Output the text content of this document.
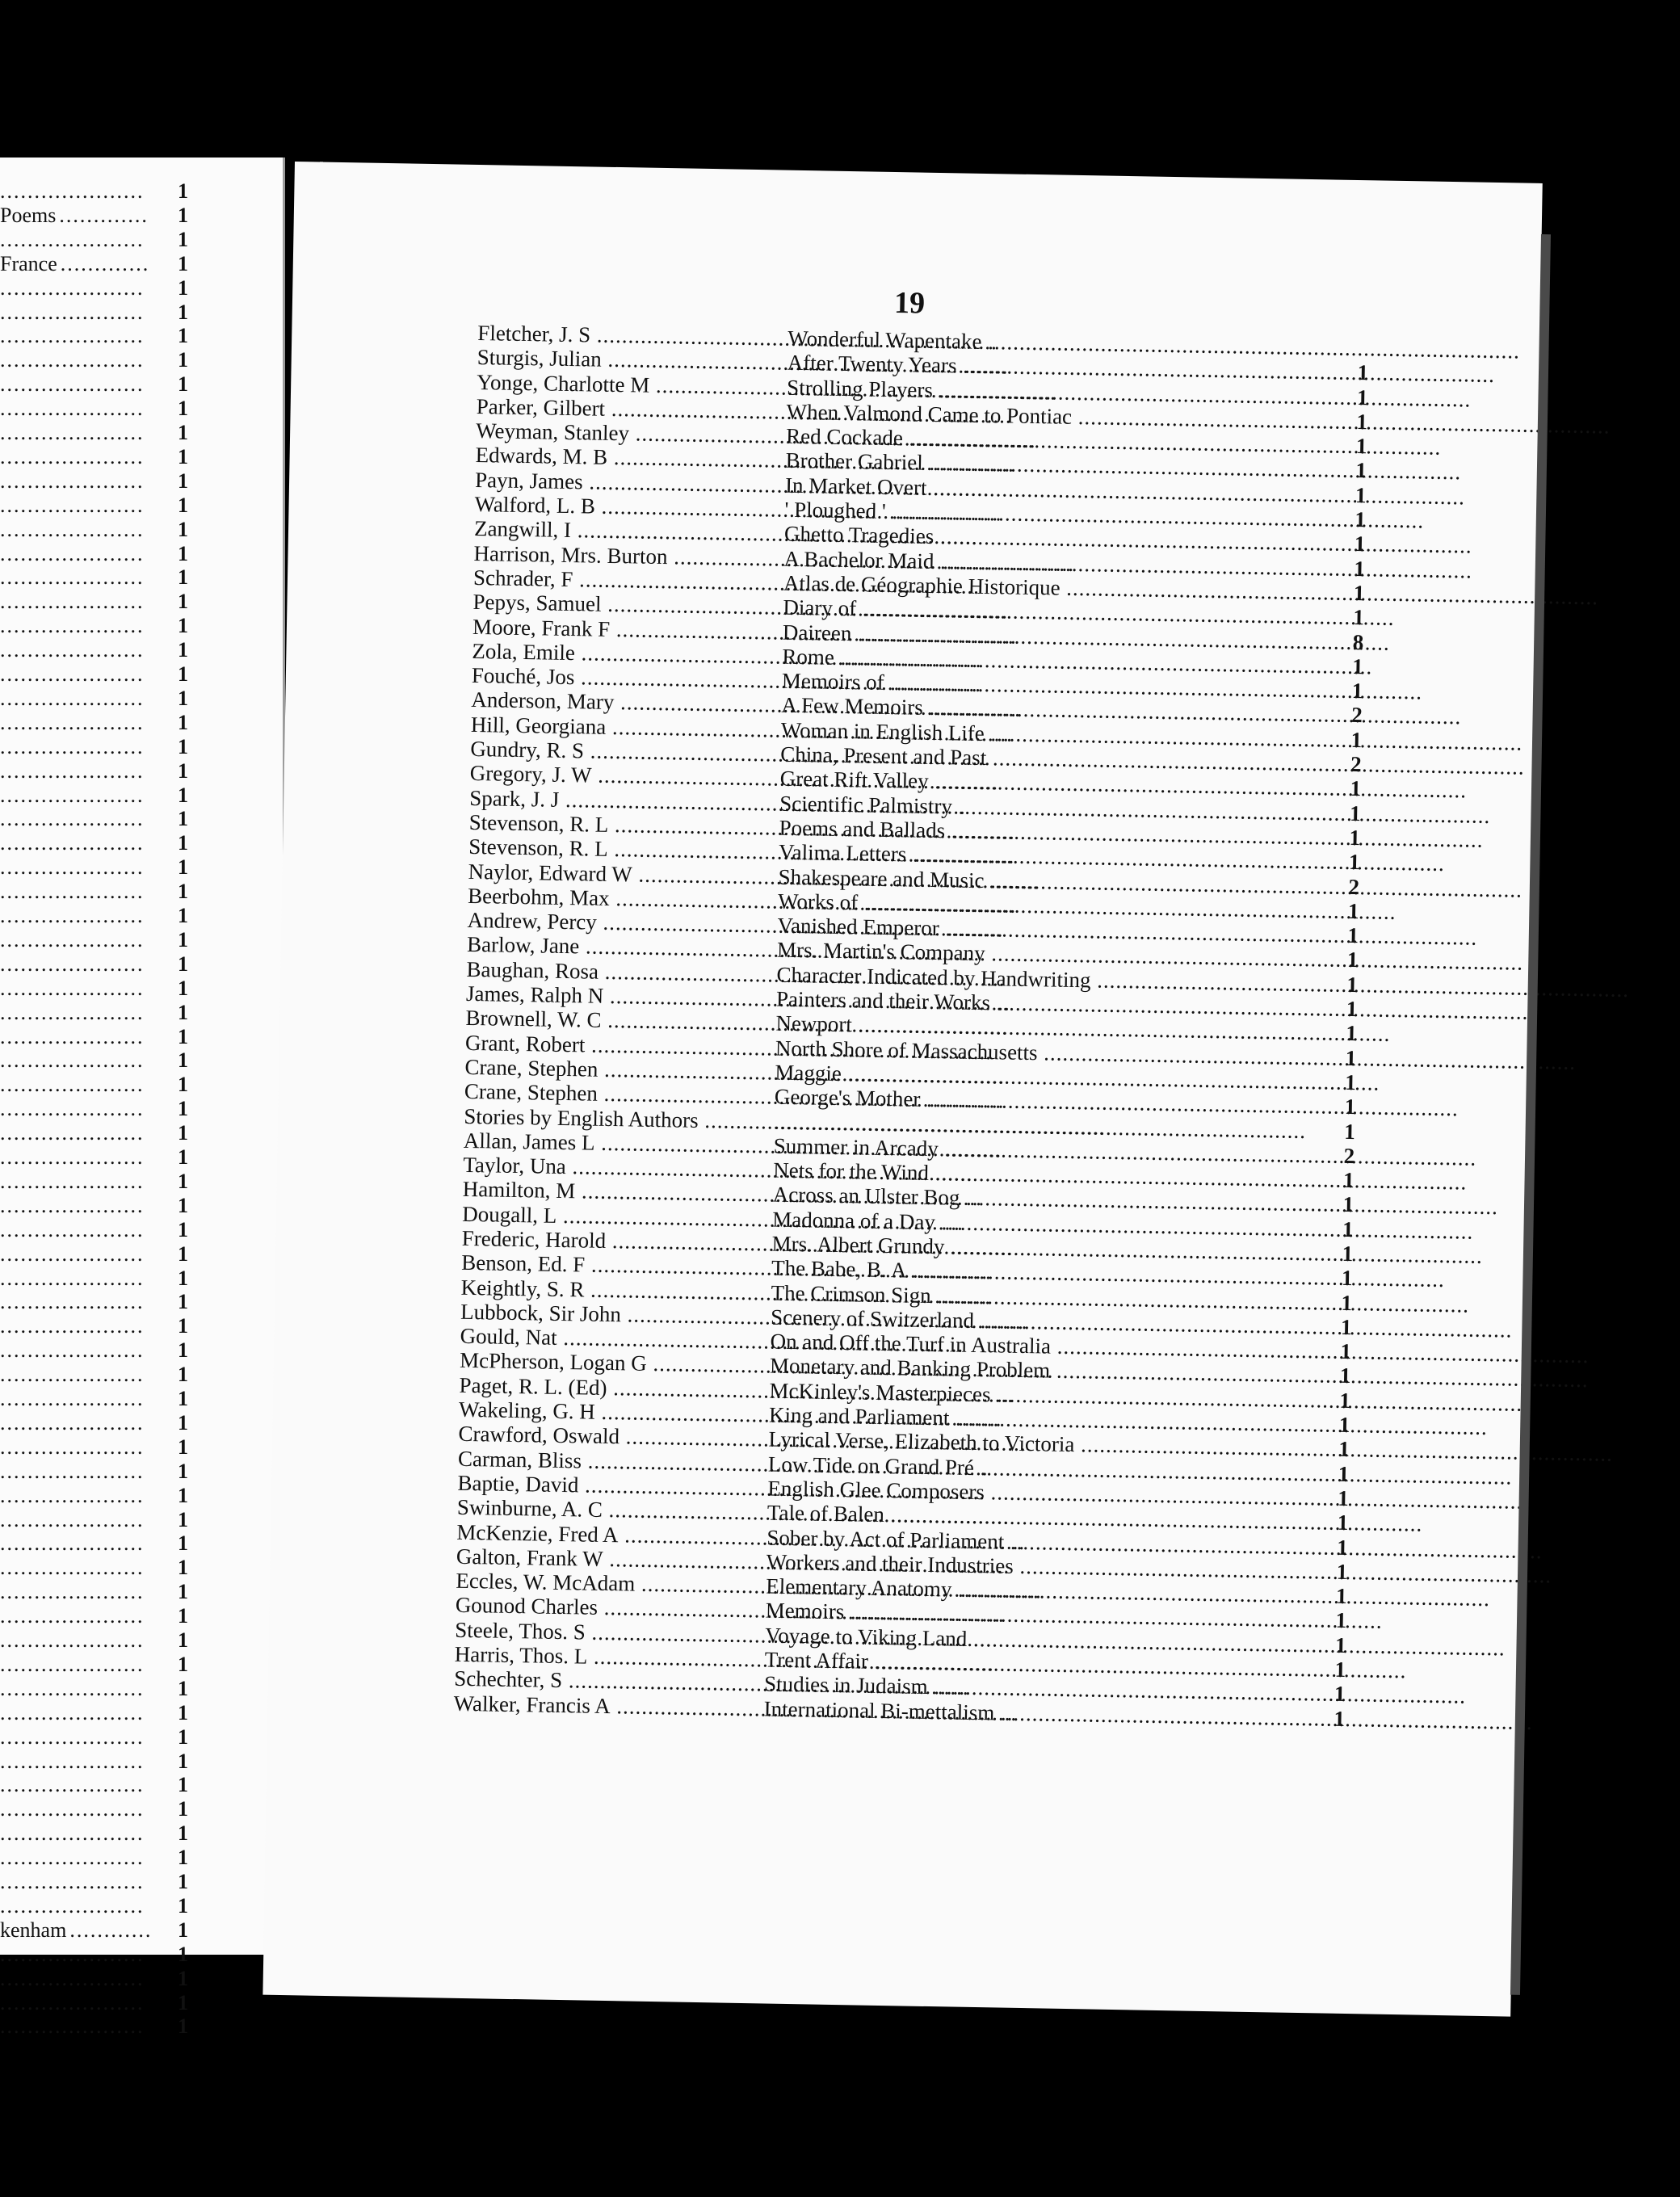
..................... 1
Poems ............. 1
..................... 1
France ............. 1
..................... 1
..................... 1
..................... 1
..................... 1
..................... 1
..................... 1
..................... 1
..................... 1
..................... 1
..................... 1
..................... 1
..................... 1
..................... 1
..................... 1
..................... 1
..................... 1
..................... 1
..................... 1
..................... 1
..................... 1
..................... 1
..................... 1
..................... 1
..................... 1
..................... 1
..................... 1
..................... 1
..................... 1
..................... 1
..................... 1
..................... 1
..................... 1
..................... 1
..................... 1
..................... 1
..................... 1
..................... 1
..................... 1
..................... 1
..................... 1
..................... 1
..................... 1
..................... 1
..................... 1
..................... 1
..................... 1
..................... 1
..................... 1
..................... 1
..................... 1
..................... 1
..................... 1
..................... 1
..................... 1
..................... 1
..................... 1
..................... 1
..................... 1
..................... 1
..................... 1
..................... 1
..................... 1
..................... 1
..................... 1
..................... 1
..................... 1
..................... 1
..................... 1
kenham ............ 1
..................... 1
..................... 1
..................... 1
..................... 1
19
Fletcher, J. S .....	Wonderful Wapentake .....
Sturgis, Julian .....	After Twenty Years .....	1
Yonge, Charlotte M .....	Strolling Players .....	1
Parker, Gilbert .....	When Valmond Came to Pontiac .....	1
Weyman, Stanley .....	Red Cockade .....	1
Edwards, M. B .....	Brother Gabriel .....	1
Payn, James .....	In Market Overt .....	1
Walford, L. B .....	' Ploughed ' .....	1
Zangwill, I .....	Ghetto Tragedies .....	1
Harrison, Mrs. Burton .....	A Bachelor Maid .....	1
Schrader, F .....	Atlas de Géographie Historique .....	1
Pepys, Samuel .....	Diary of .....	1
Moore, Frank F .....	Daireen .....	8
Zola, Emile .....	Rome .....	1
Fouché, Jos .....	Memoirs of .....	1
Anderson, Mary .....	A Few Memoirs .....	2
Hill, Georgiana .....	Woman in English Life .....	1
Gundry, R. S .....	China, Present and Past .....	2
Gregory, J. W .....	Great Rift Valley .....	1
Spark, J. J .....	Scientific Palmistry .....	1
Stevenson, R. L .....	Poems and Ballads .....	1
Stevenson, R. L .....	Valima Letters .....	1
Naylor, Edward W .....	Shakespeare and Music .....	2
Beerbohm, Max .....	Works of .....	1
Andrew, Percy .....	Vanished Emperor .....	1
Barlow, Jane .....	Mrs. Martin's Company .....	1
Baughan, Rosa .....	Character Indicated by Handwriting .....	1
James, Ralph N .....	Painters and their Works .....	1
Brownell, W. C .....	Newport .....	1
Grant, Robert .....	North Shore of Massachusetts .....	1
Crane, Stephen .....	Maggie .....	1
Crane, Stephen .....	George's Mother .....	1
Stories by English Authors ..... .....	1
Allan, James L .....	Summer in Arcady .....	2
Taylor, Una .....	Nets for the Wind .....	1
Hamilton, M .....	Across an Ulster Bog .....	1
Dougall, L .....	Madonna of a Day .....	1
Frederic, Harold .....	Mrs. Albert Grundy .....	1
Benson, Ed. F .....	The Babe, B. A .....	1
Keightly, S. R .....	The Crimson Sign .....	1
Lubbock, Sir John .....	Scenery of Switzerland .....	1
Gould, Nat .....	On and Off the Turf in Australia .....	1
McPherson, Logan G .....	Monetary and Banking Problem .....	1
Paget, R. L. (Ed) .....	McKinley's Masterpieces .....	1
Wakeling, G. H .....	King and Parliament .....	1
Crawford, Oswald .....	Lyrical Verse, Elizabeth to Victoria .....	1
Carman, Bliss .....	Low Tide on Grand Pré .....	1
Baptie, David .....	English Glee Composers .....	1
Swinburne, A. C .....	Tale of Balen .....	1
McKenzie, Fred A .....	Sober by Act of Parliament .....	1
Galton, Frank W .....	Workers and their Industries .....	1
Eccles, W. McAdam .....	Elementary Anatomy .....	1
Gounod Charles .....	Memoirs .....	1
Steele, Thos. S .....	Voyage to Viking Land .....	1
Harris, Thos. L .....	Trent Affair .....	1
Schechter, S .....	Studies in Judaism .....	1
Walker, Francis A .....	International Bi-mettalism .....	1
